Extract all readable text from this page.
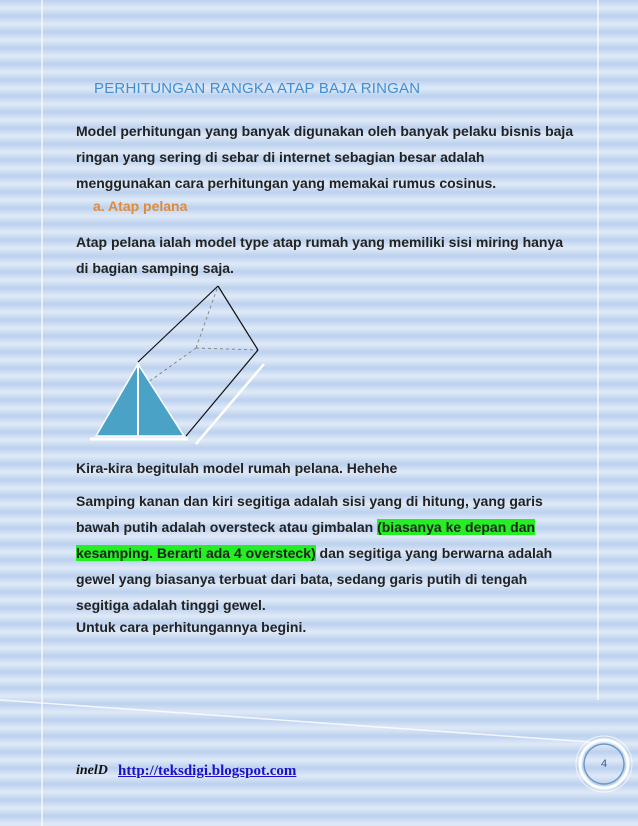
PERHITUNGAN RANGKA ATAP BAJA RINGAN
Model perhitungan yang banyak digunakan oleh banyak pelaku bisnis baja ringan yang sering di sebar di internet sebagian besar adalah menggunakan cara perhitungan yang memakai rumus cosinus.
a. Atap pelana
Atap pelana ialah model type atap rumah yang memiliki sisi miring hanya di bagian samping saja.
Kira-kira begitulah model rumah pelana. Hehehe
Samping kanan dan kiri segitiga adalah sisi yang di hitung, yang garis bawah putih adalah oversteck atau gimbalan (biasanya ke depan dan kesamping. Berarti ada 4 oversteck) dan segitiga yang berwarna adalah gewel yang biasanya terbuat dari bata, sedang garis putih di tengah segitiga adalah tinggi gewel.
Untuk cara perhitungannya begini.
inelD http://teksdigi.blogspot.com	4
